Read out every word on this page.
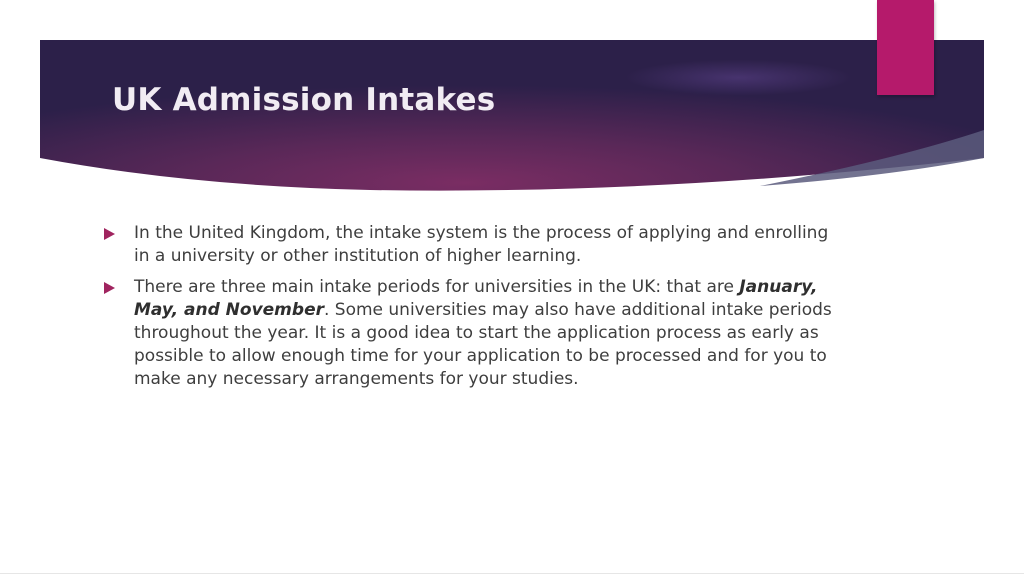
UK Admission Intakes

In the United Kingdom, the intake system is the process of applying and enrolling in a university or other institution of higher learning.

There are three main intake periods for universities in the UK: that are January, May, and November. Some universities may also have additional intake periods throughout the year. It is a good idea to start the application process as early as possible to allow enough time for your application to be processed and for you to make any necessary arrangements for your studies.
